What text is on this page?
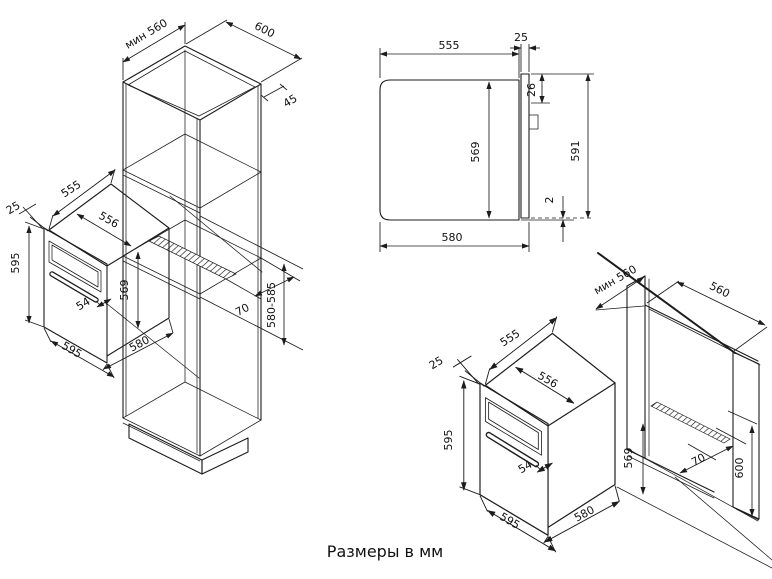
мин 560	600
45
70 580-585
25
555
556
595
569
54
595	580
555
25
26
591
569
2
580
мин 560	560
70 600
25
555
556
595
569
54
595	580
Размеры в мм
